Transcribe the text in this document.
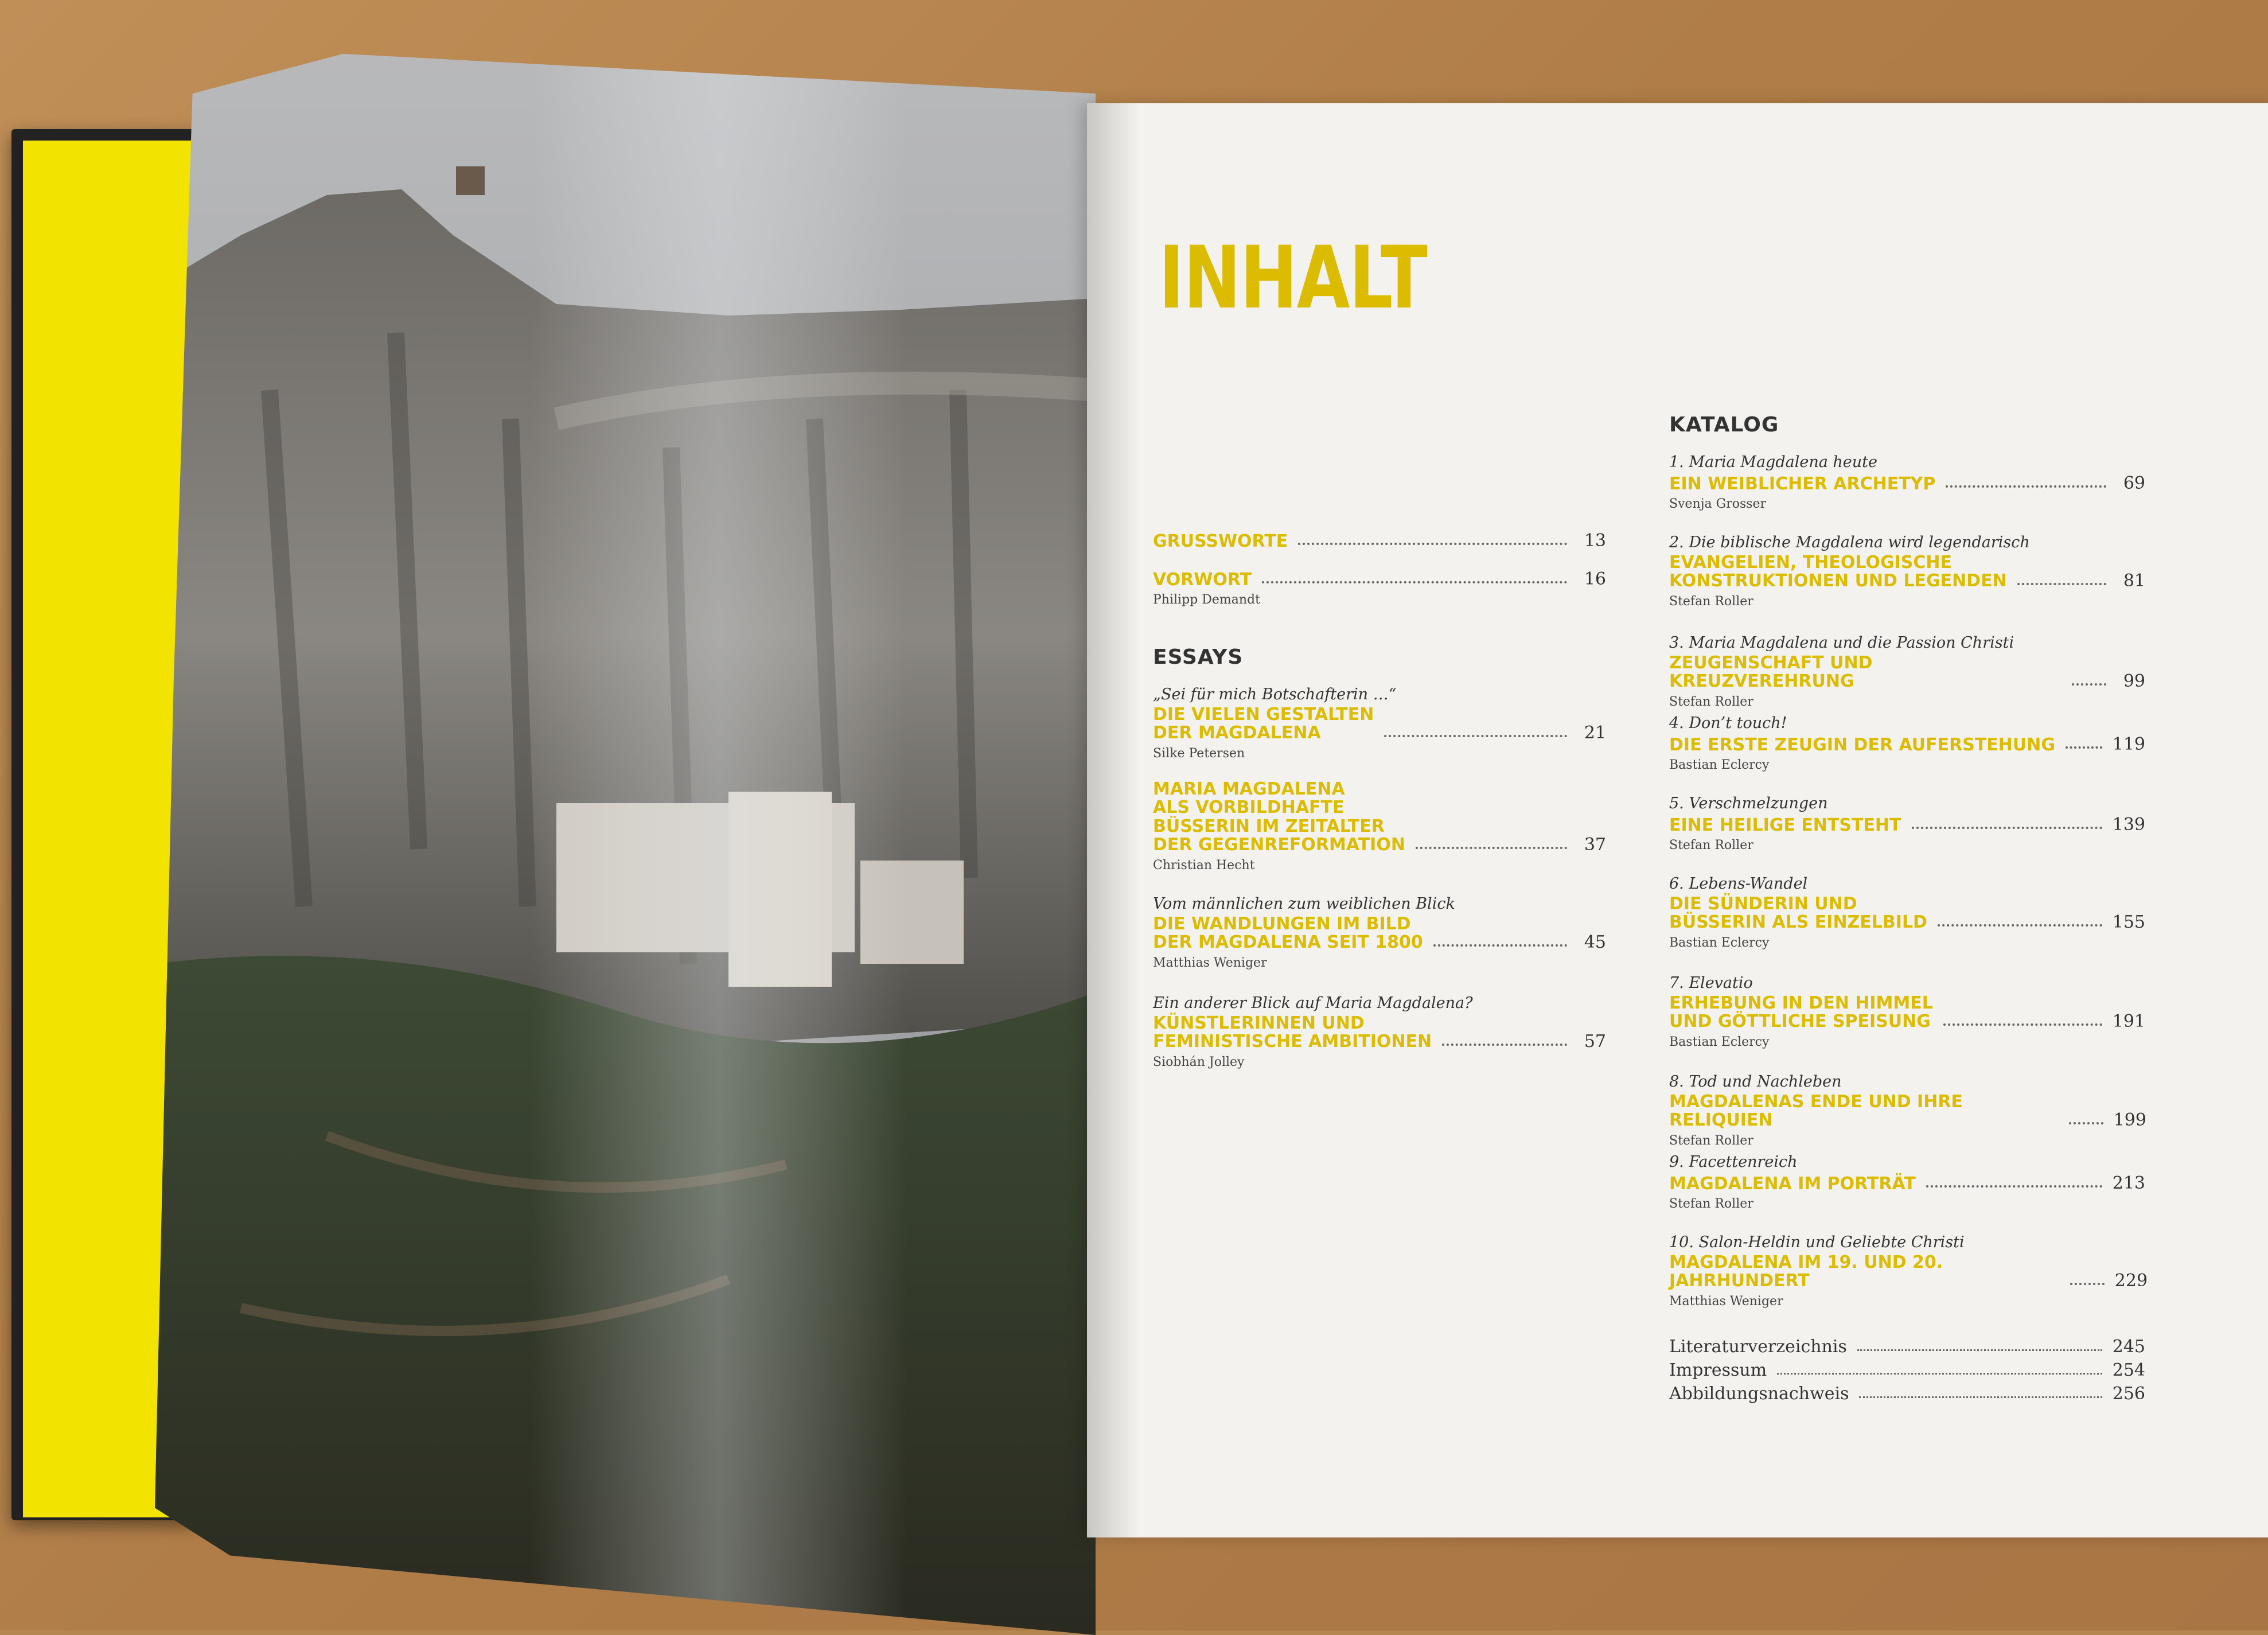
INHALT
GRUSSWORTE	13
VORWORT	16
Philipp Demandt
ESSAYS
„Sei für mich Botschafterin …“
DIE VIELEN GESTALTEN
DER MAGDALENA	21
Silke Petersen
MARIA MAGDALENA
ALS VORBILDHAFTE
BÜSSERIN IM ZEITALTER
DER GEGENREFORMATION	37
Christian Hecht
Vom männlichen zum weiblichen Blick
DIE WANDLUNGEN IM BILD
DER MAGDALENA SEIT 1800	45
Matthias Weniger
Ein anderer Blick auf Maria Magdalena?
KÜNSTLERINNEN UND
FEMINISTISCHE AMBITIONEN	57
Siobhán Jolley
KATALOG
1. Maria Magdalena heute
EIN WEIBLICHER ARCHETYP	69
Svenja Grosser
2. Die biblische Magdalena wird legendarisch
EVANGELIEN, THEOLOGISCHE
KONSTRUKTIONEN UND LEGENDEN	81
Stefan Roller
3. Maria Magdalena und die Passion Christi
ZEUGENSCHAFT UND KREUZVEREHRUNG	99
Stefan Roller
4. Don’t touch!
DIE ERSTE ZEUGIN DER AUFERSTEHUNG	119
Bastian Eclercy
5. Verschmelzungen
EINE HEILIGE ENTSTEHT	139
Stefan Roller
6. Lebens-Wandel
DIE SÜNDERIN UND
BÜSSERIN ALS EINZELBILD	155
Bastian Eclercy
7. Elevatio
ERHEBUNG IN DEN HIMMEL
UND GÖTTLICHE SPEISUNG	191
Bastian Eclercy
8. Tod und Nachleben
MAGDALENAS ENDE UND IHRE RELIQUIEN	199
Stefan Roller
9. Facettenreich
MAGDALENA IM PORTRÄT	213
Stefan Roller
10. Salon-Heldin und Geliebte Christi
MAGDALENA IM 19. UND 20. JAHRHUNDERT	229
Matthias Weniger
Literaturverzeichnis	245
Impressum	254
Abbildungsnachweis	256
